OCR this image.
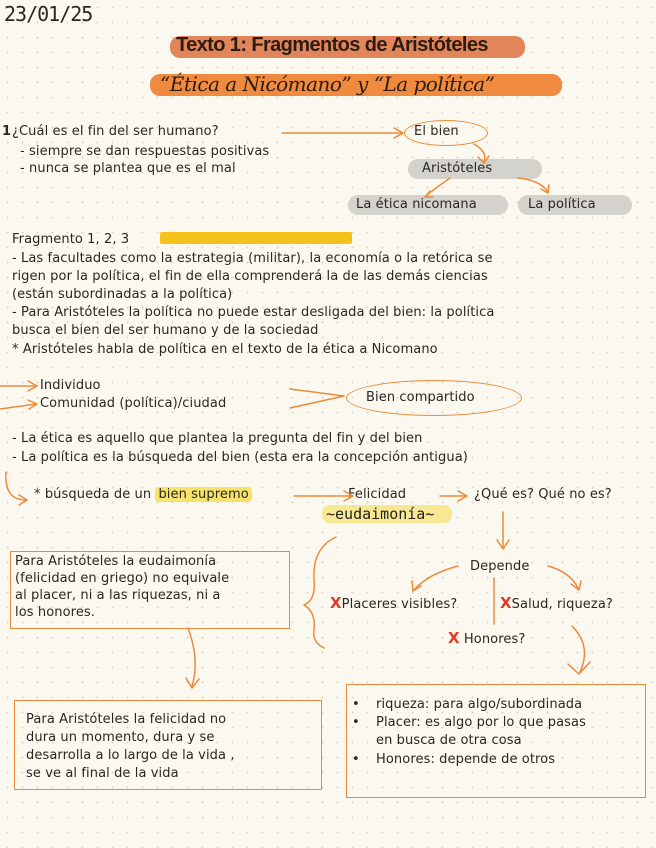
23/01/25
Texto 1: Fragmentos de Aristóteles
“Ética a Nicómano” y “La política”
1 ¿Cuál es el fin del ser humano?
- siempre se dan respuestas positivas
- nunca se plantea que es el mal
El bien
Aristóteles
La ética nicomana	La política
Fragmento 1, 2, 3
- Las facultades como la estrategia (militar), la economía o la retórica se
rigen por la política, el fin de ella comprenderá la de las demás ciencias
(están subordinadas a la política)
- Para Aristóteles la política no puede estar desligada del bien: la política
busca el bien del ser humano y de la sociedad
* Aristóteles habla de política en el texto de la ética a Nicomano
Individuo
Comunidad (política)/ciudad	Bien compartido
- La ética es aquello que plantea la pregunta del fin y del bien
- La política es la búsqueda del bien (esta era la concepción antigua)
* búsqueda de un bien supremo	Felicidad	¿Qué es? Qué no es?
~eudaimonía~
Para Aristóteles la eudaimonía
(felicidad en griego) no equivale
al placer, ni a las riquezas, ni a
los honores.
Depende
XPlaceres visibles?	XSalud, riqueza?
X Honores?
Para Aristóteles la felicidad no
dura un momento, dura y se
desarrolla a lo largo de la vida ,
se ve al final de la vida
• riqueza: para algo/subordinada
• Placer: es algo por lo que pasas
en busca de otra cosa
• Honores: depende de otros
